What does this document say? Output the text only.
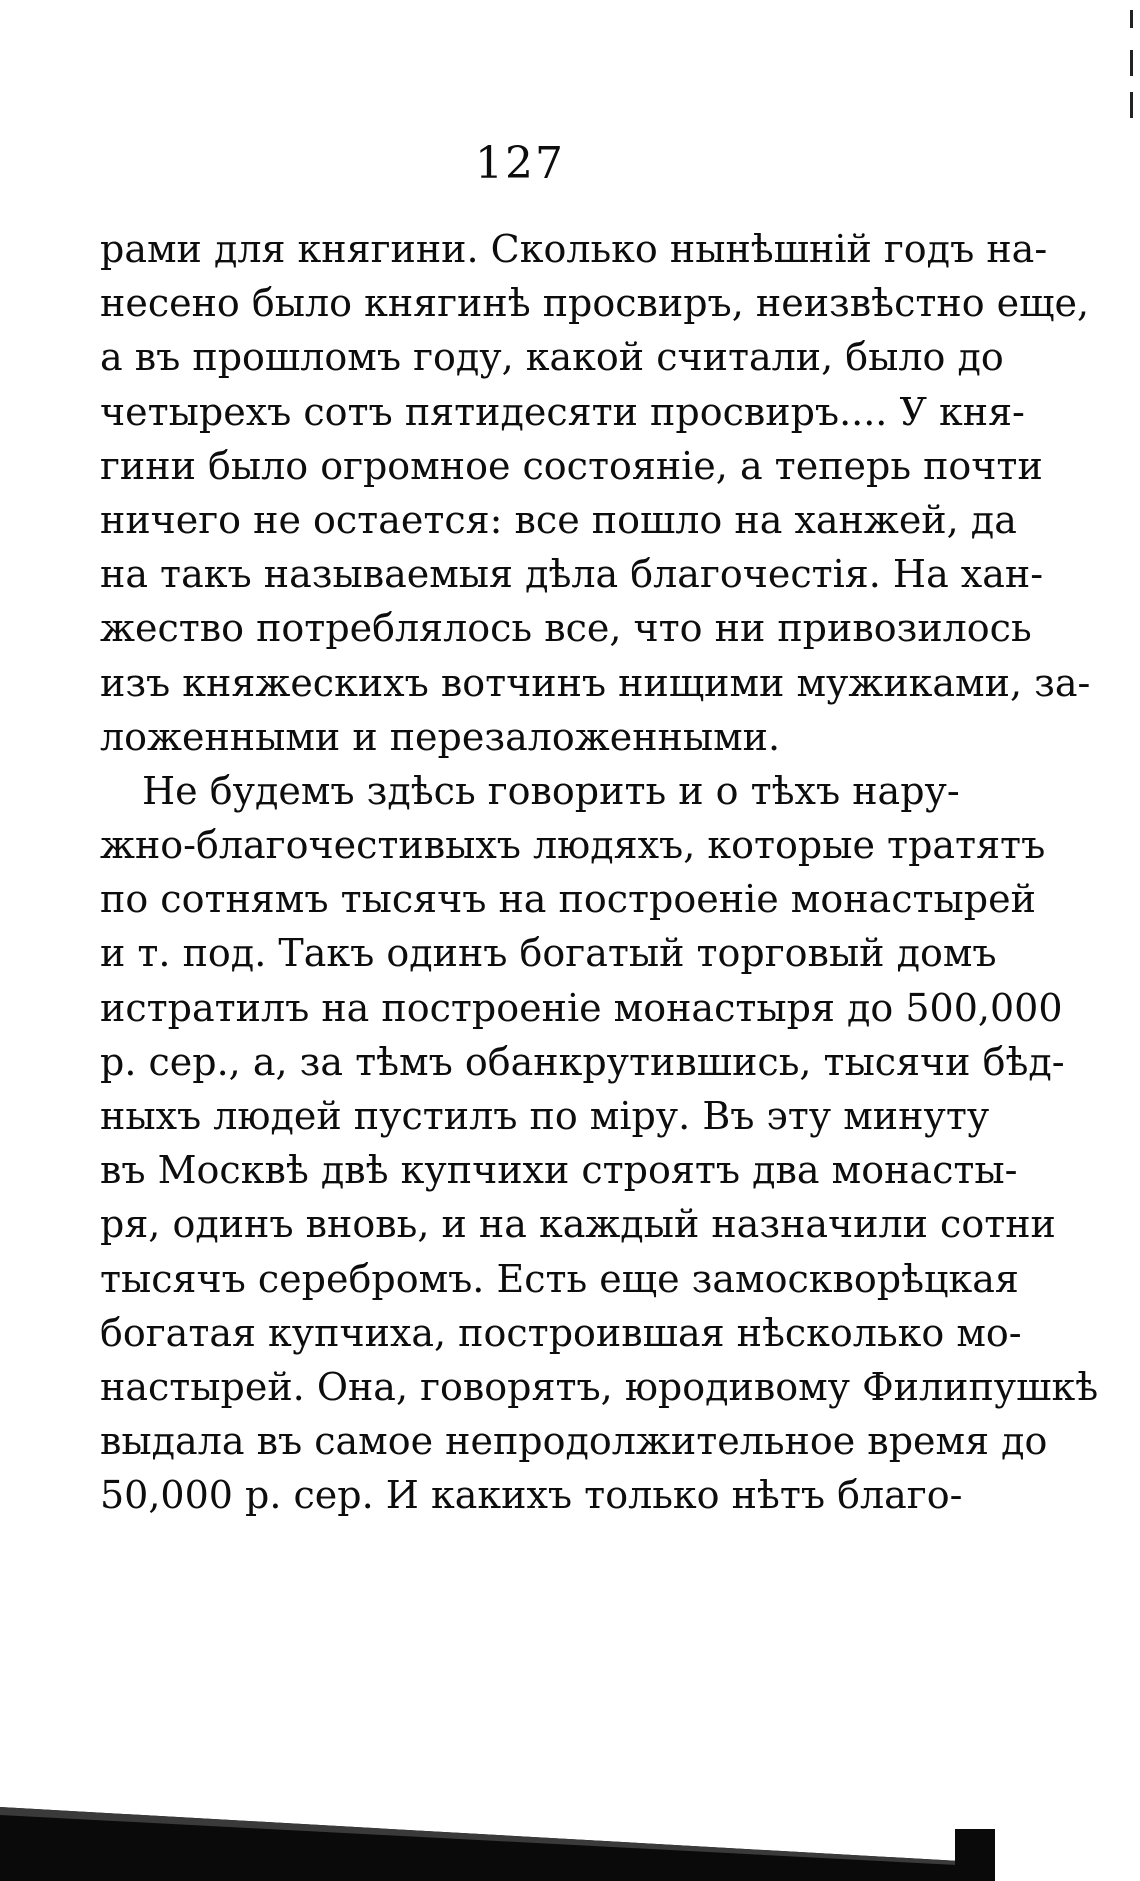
127
рами для княгини. Сколько нынѣшній годъ на-
несено было княгинѣ просвиръ, неизвѣстно еще,
а въ прошломъ году, какой считали, было до
четырехъ сотъ пятидесяти просвиръ.... У кня-
гини было огромное состояніе, а теперь почти
ничего не остается: все пошло на ханжей, да
на такъ называемыя дѣла благочестія. На хан-
жество потреблялось все, что ни привозилось
изъ княжескихъ вотчинъ нищими мужиками, за-
ложенными и перезаложенными.
Не будемъ здѣсь говорить и о тѣхъ нару-
жно-благочестивыхъ людяхъ, которые тратятъ
по сотнямъ тысячъ на построеніе монастырей
и т. под. Такъ одинъ богатый торговый домъ
истратилъ на построеніе монастыря до 500,000
р. сер., а, за тѣмъ обанкрутившись, тысячи бѣд-
ныхъ людей пустилъ по міру. Въ эту минуту
въ Москвѣ двѣ купчихи строятъ два монасты-
ря, одинъ вновь, и на каждый назначили сотни
тысячъ серебромъ. Есть еще замоскворѣцкая
богатая купчиха, построившая нѣсколько мо-
настырей. Она, говорятъ, юродивому Филипушкѣ
выдала въ самое непродолжительное время до
50,000 р. сер. И какихъ только нѣтъ благо-
